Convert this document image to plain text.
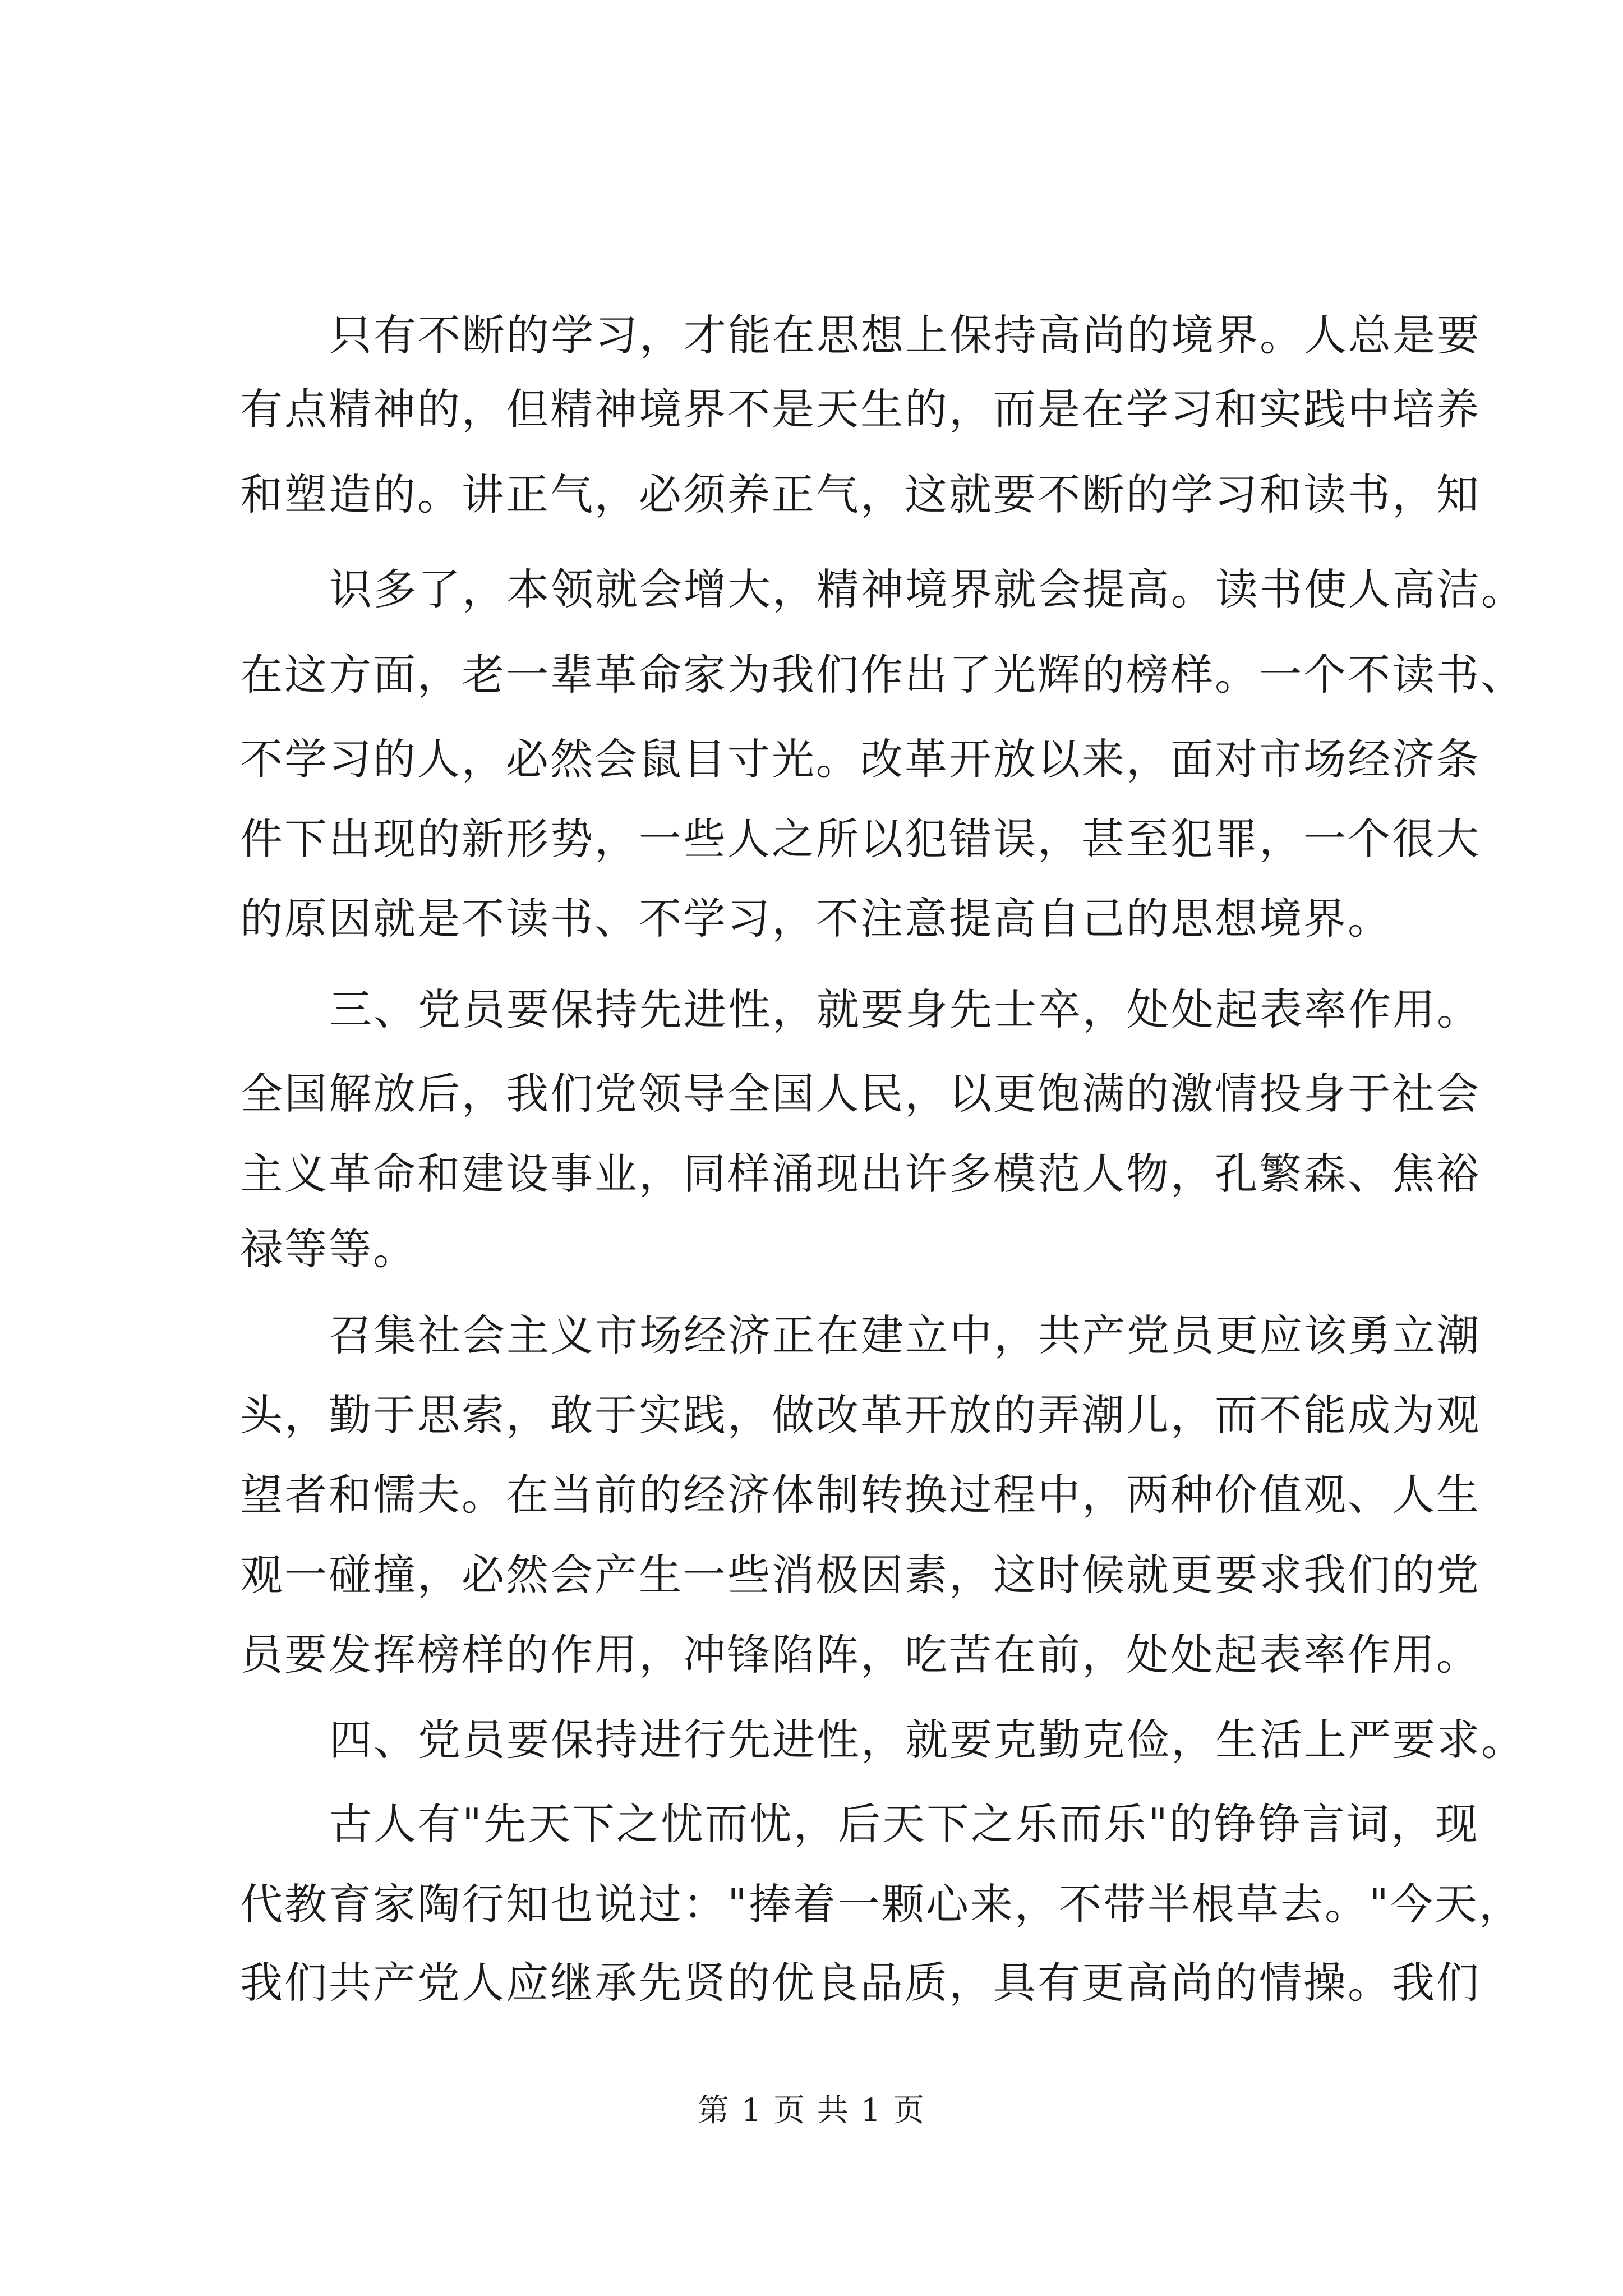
只有不断的学习，才能在思想上保持高尚的境界。人总是要
有点精神的，但精神境界不是天生的，而是在学习和实践中培养
和塑造的。讲正气，必须养正气，这就要不断的学习和读书，知
识多了，本领就会增大，精神境界就会提高。读书使人高洁。
在这方面，老一辈革命家为我们作出了光辉的榜样。一个不读书、
不学习的人，必然会鼠目寸光。改革开放以来，面对市场经济条
件下出现的新形势，一些人之所以犯错误，甚至犯罪，一个很大
的原因就是不读书、不学习，不注意提高自己的思想境界。
三、党员要保持先进性，就要身先士卒，处处起表率作用。
全国解放后，我们党领导全国人民，以更饱满的激情投身于社会
主义革命和建设事业，同样涌现出许多模范人物，孔繁森、焦裕
禄等等。
召集社会主义市场经济正在建立中，共产党员更应该勇立潮
头，勤于思索，敢于实践，做改革开放的弄潮儿，而不能成为观
望者和懦夫。在当前的经济体制转换过程中，两种价值观、人生
观一碰撞，必然会产生一些消极因素，这时候就更要求我们的党
员要发挥榜样的作用，冲锋陷阵，吃苦在前，处处起表率作用。
四、党员要保持进行先进性，就要克勤克俭，生活上严要求。
古人有"先天下之忧而忧，后天下之乐而乐"的铮铮言词，现
代教育家陶行知也说过："捧着一颗心来，不带半根草去。"今天，
我们共产党人应继承先贤的优良品质，具有更高尚的情操。我们
第 1 页 共 1 页
